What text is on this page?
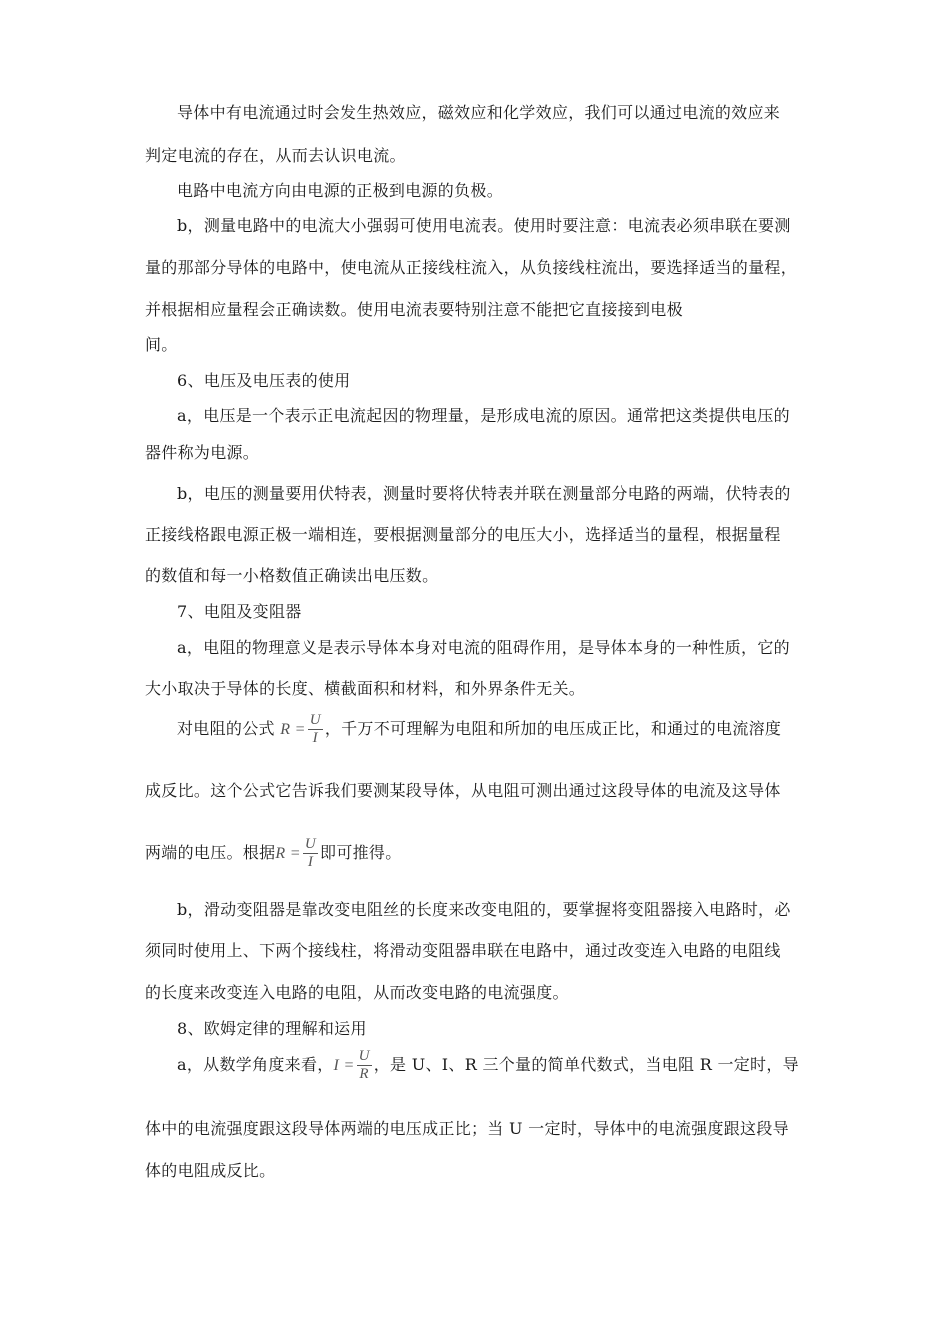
导体中有电流通过时会发生热效应，磁效应和化学效应，我们可以通过电流的效应来
判定电流的存在，从而去认识电流。
电路中电流方向由电源的正极到电源的负极。
b，测量电路中的电流大小强弱可使用电流表。使用时要注意：电流表必须串联在要测
量的那部分导体的电路中，使电流从正接线柱流入，从负接线柱流出，要选择适当的量程，
并根据相应量程会正确读数。使用电流表要特别注意不能把它直接接到电极
间。
6、电压及电压表的使用
a，电压是一个表示正电流起因的物理量，是形成电流的原因。通常把这类提供电压的
器件称为电源。
b，电压的测量要用伏特表，测量时要将伏特表并联在测量部分电路的两端，伏特表的
正接线格跟电源正极一端相连，要根据测量部分的电压大小，选择适当的量程，根据量程
的数值和每一小格数值正确读出电压数。
7、电阻及变阻器
a，电阻的物理意义是表示导体本身对电流的阻碍作用，是导体本身的一种性质，它的
大小取决于导体的长度、横截面积和材料，和外界条件无关。
对电阻的公式 $R = \frac{U}{I}$ ，千万不可理解为电阻和所加的电压成正比，和通过的电流溶度
成反比。这个公式它告诉我们要测某段导体，从电阻可测出通过这段导体的电流及这导体
两端的电压。根据$R = \frac{U}{I}$ 即可推得。
b，滑动变阻器是靠改变电阻丝的长度来改变电阻的，要掌握将变阻器接入电路时，必
须同时使用上、下两个接线柱，将滑动变阻器串联在电路中，通过改变连入电路的电阻线
的长度来改变连入电路的电阻，从而改变电路的电流强度。
8、欧姆定律的理解和运用
a，从数学角度来看，$I = \frac{U}{R}$ ，是 U、I、R 三个量的简单代数式，当电阻 R 一定时，导
体中的电流强度跟这段导体两端的电压成正比；当 U 一定时，导体中的电流强度跟这段导
体的电阻成反比。
